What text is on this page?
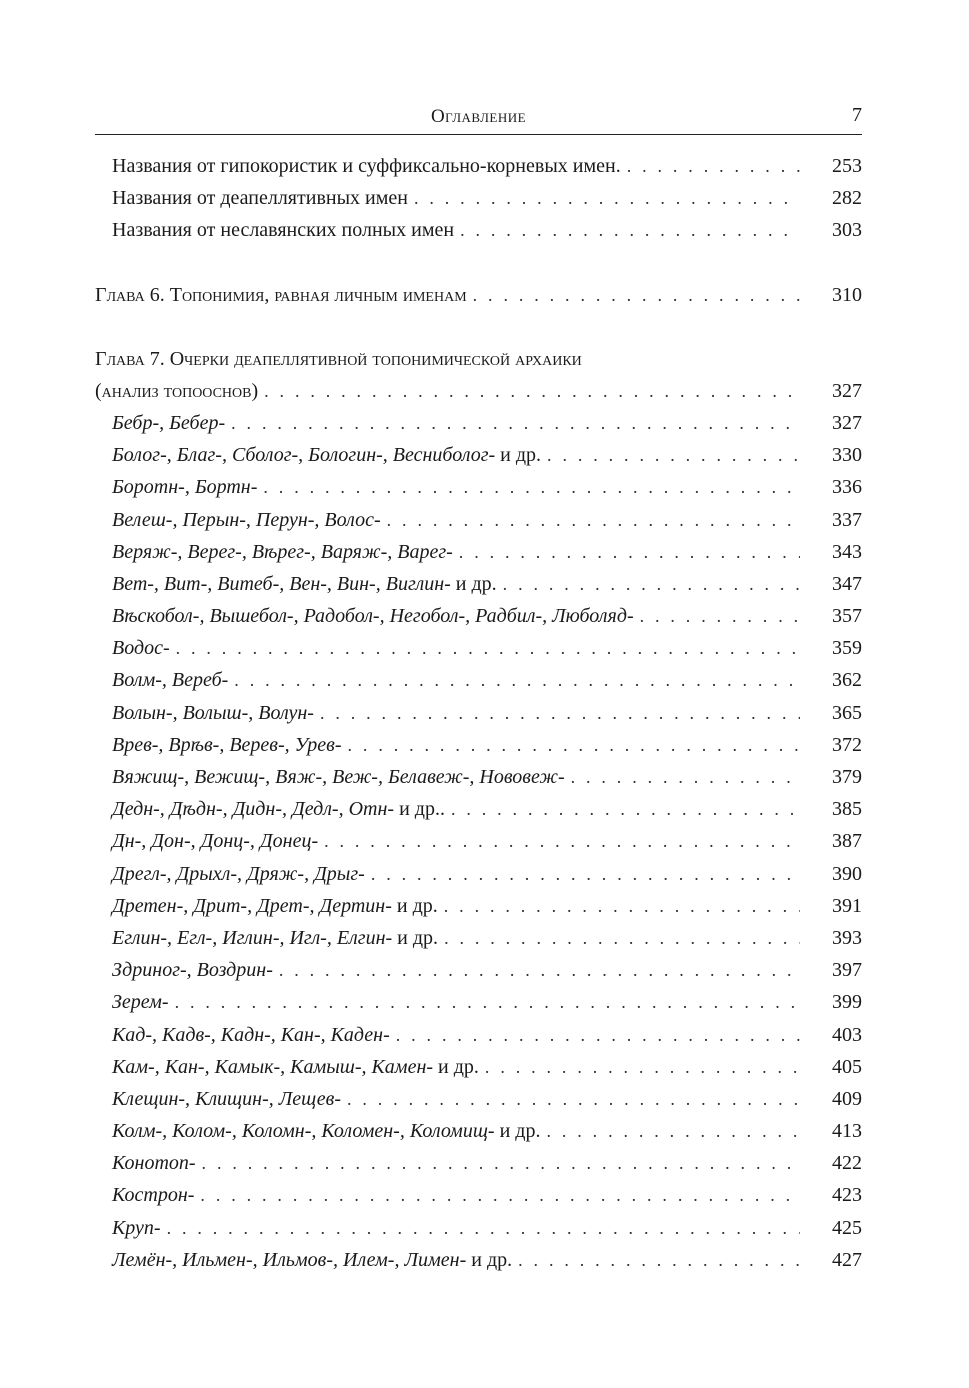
Оглавление	7
Названия от гипокористик и суффиксально-корневых имен. . . .	253
Названия от деапеллятивных имен . . .	282
Названия от неславянских полных имен . . .	303
Глава 6. Топонимия, равная личным именам . . .	310
Глава 7. Очерки деапеллятивной топонимической архаики
(анализ топооснов) . . .	327
Бебр-, Бебер- . . .	327
Болог-, Благ-, Сболог-, Бологин-, Весниболог- и др. . . .	330
Боротн-, Бортн- . . .	336
Велеш-, Перын-, Перун-, Волос- . . .	337
Веряж-, Верег-, Вѣрег-, Варяж-, Варег- . . .	343
Вет-, Вит-, Витеб-, Вен-, Вин-, Виглин- и др. . . .	347
Вѣскобол-, Вышебол-, Радобол-, Негобол-, Радбил-, Люболяд- . . .	357
Водос- . . .	359
Волм-, Вереб- . . .	362
Волын-, Волыш-, Волун- . . .	365
Врев-, Врѣв-, Верев-, Урев- . . .	372
Вяжищ-, Вежищ-, Вяж-, Веж-, Белавеж-, Нововеж- . . .	379
Дедн-, Дѣдн-, Дидн-, Дедл-, Отн- и др.. . . .	385
Дн-, Дон-, Донц-, Донец- . . .	387
Дрегл-, Дрыхл-, Дряж-, Дрыг- . . .	390
Дретен-, Дрит-, Дрет-, Дертин- и др. . . .	391
Еглин-, Егл-, Иглин-, Игл-, Елгин- и др. . . .	393
Здриног-, Воздрин- . . .	397
Зерем- . . .	399
Кад-, Кадв-, Кадн-, Кан-, Каден- . . .	403
Кам-, Кан-, Камык-, Камыш-, Камен- и др. . . .	405
Клещин-, Клищин-, Лещев- . . .	409
Колм-, Колом-, Коломн-, Коломен-, Коломищ- и др. . . .	413
Конотоп- . . .	422
Кострон- . . .	423
Круп- . . .	425
Лемён-, Ильмен-, Ильмов-, Илем-, Лимен- и др. . . .	427
